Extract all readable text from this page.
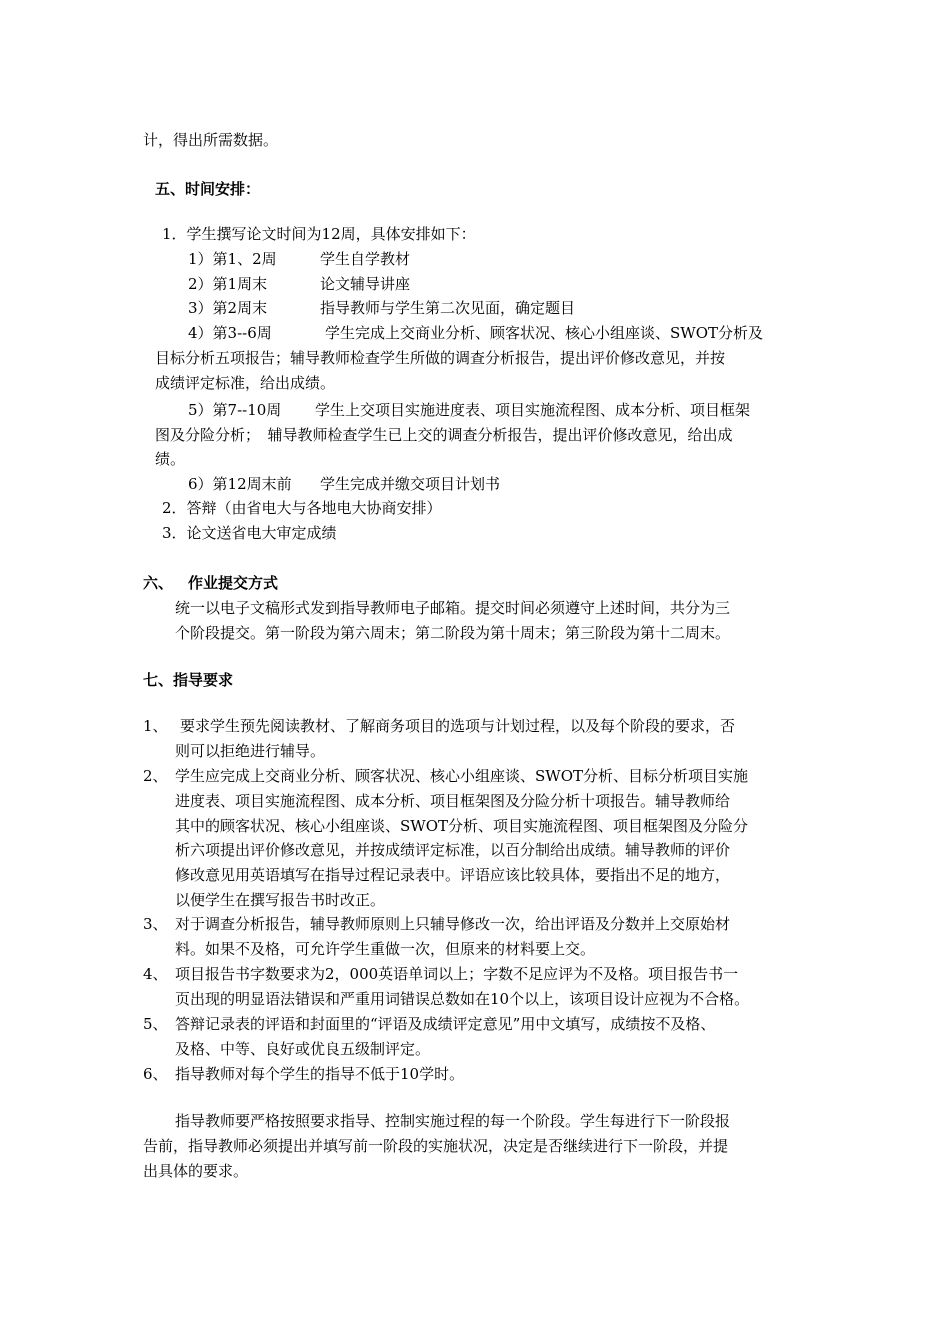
计，得出所需数据。
五、时间安排：
1．学生撰写论文时间为12周，具体安排如下：
1）第1、2周	学生自学教材
2）第1周末	论文辅导讲座
3）第2周末	指导教师与学生第二次见面，确定题目
4）第3--6周	学生完成上交商业分析、顾客状况、核心小组座谈、SWOT分析及
目标分析五项报告；辅导教师检查学生所做的调查分析报告，提出评价修改意见，并按
成绩评定标准，给出成绩。
5）第7--10周 学生上交项目实施进度表、项目实施流程图、成本分析、项目框架
图及分险分析；　辅导教师检查学生已上交的调查分析报告，提出评价修改意见，给出成
绩。
6）第12周末前 学生完成并缴交项目计划书
2．答辩（由省电大与各地电大协商安排）
3．论文送省电大审定成绩
六、 作业提交方式
统一以电子文稿形式发到指导教师电子邮箱。提交时间必须遵守上述时间，共分为三
个阶段提交。第一阶段为第六周末；第二阶段为第十周末；第三阶段为第十二周末。
七、指导要求
1、 要求学生预先阅读教材、了解商务项目的选项与计划过程，以及每个阶段的要求，否
则可以拒绝进行辅导。
2、 学生应完成上交商业分析、顾客状况、核心小组座谈、SWOT分析、目标分析项目实施
进度表、项目实施流程图、成本分析、项目框架图及分险分析十项报告。辅导教师给
其中的顾客状况、核心小组座谈、SWOT分析、项目实施流程图、项目框架图及分险分
析六项提出评价修改意见，并按成绩评定标准，以百分制给出成绩。辅导教师的评价
修改意见用英语填写在指导过程记录表中。评语应该比较具体，要指出不足的地方，
以便学生在撰写报告书时改正。
3、 对于调查分析报告，辅导教师原则上只辅导修改一次，给出评语及分数并上交原始材
料。如果不及格，可允许学生重做一次，但原来的材料要上交。
4、 项目报告书字数要求为2，000英语单词以上；字数不足应评为不及格。项目报告书一
页出现的明显语法错误和严重用词错误总数如在10个以上，该项目设计应视为不合格。
5、 答辩记录表的评语和封面里的“评语及成绩评定意见”用中文填写，成绩按不及格、
及格、中等、良好或优良五级制评定。
6、 指导教师对每个学生的指导不低于10学时。
指导教师要严格按照要求指导、控制实施过程的每一个阶段。学生每进行下一阶段报
告前，指导教师必须提出并填写前一阶段的实施状况，决定是否继续进行下一阶段，并提
出具体的要求。
